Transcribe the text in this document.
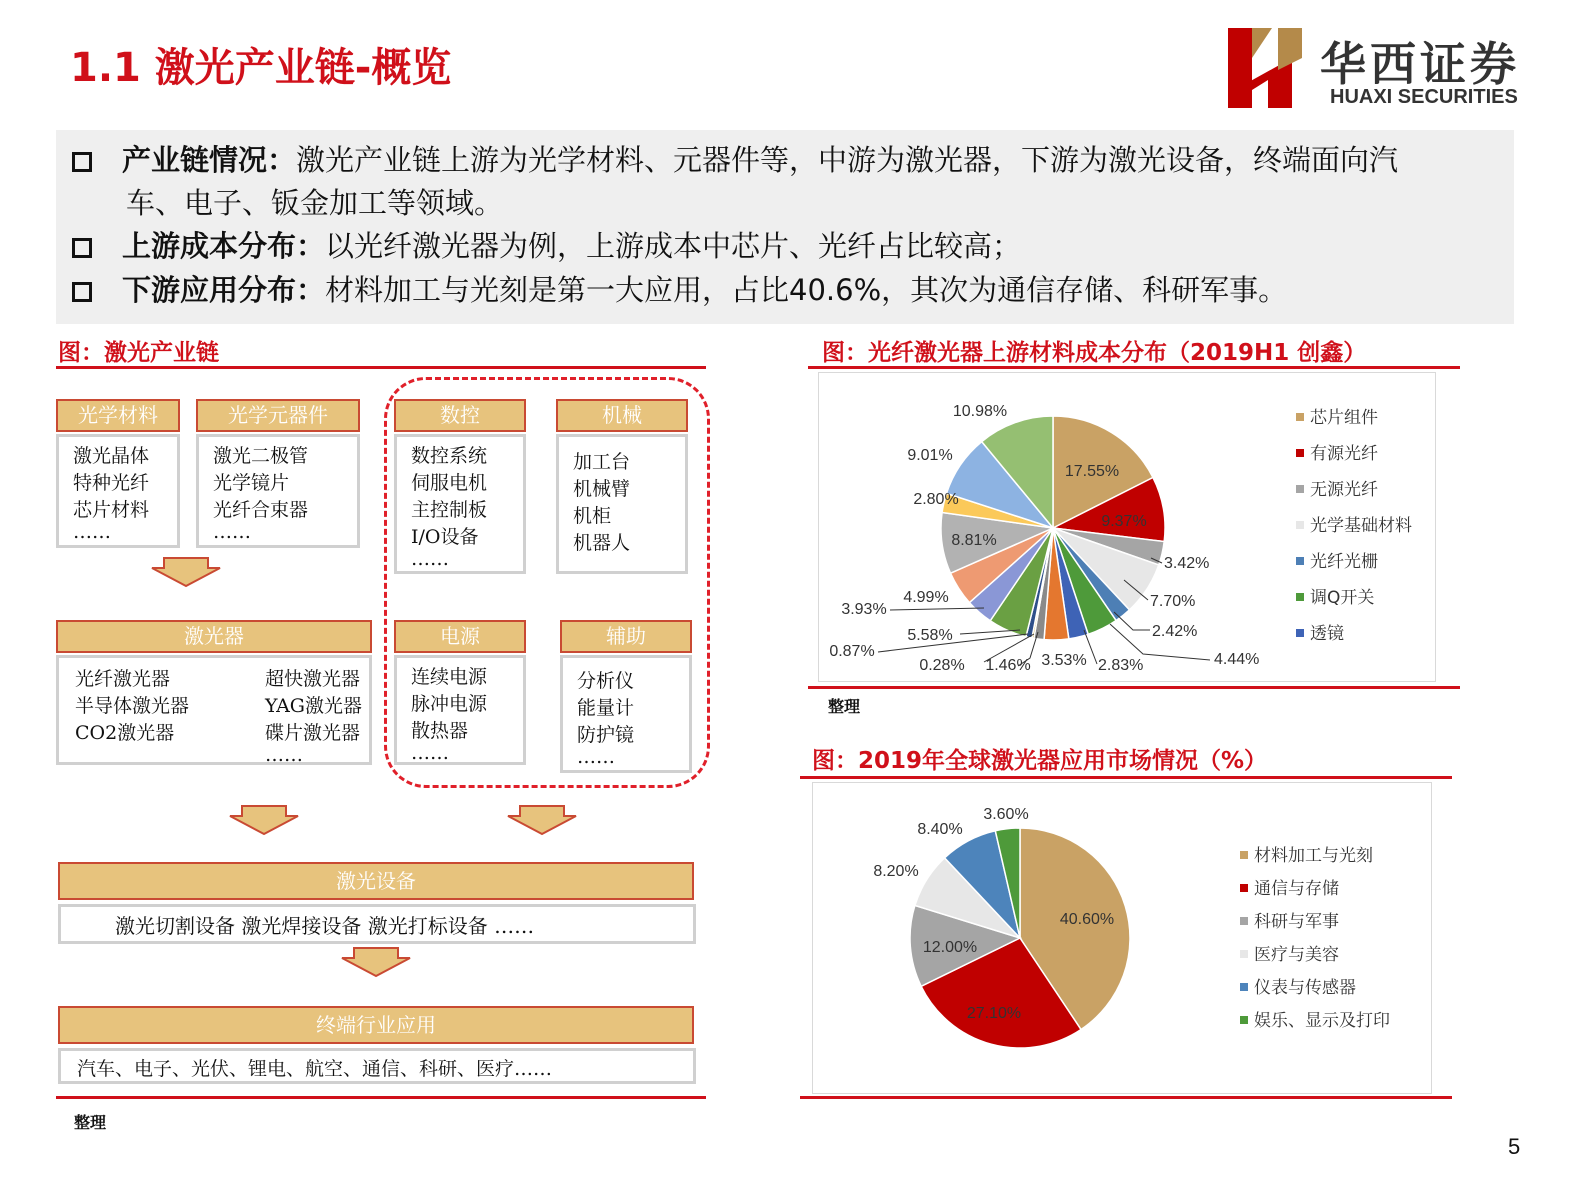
1.1 激光产业链-概览	华西证券
HUAXI SECURITIES
产业链情况：激光产业链上游为光学材料、元器件等，中游为激光器，下游为激光设备，终端面向汽
车、电子、钣金加工等领域。
上游成本分布：以光纤激光器为例，上游成本中芯片、光纤占比较高；
下游应用分布：材料加工与光刻是第一大应用，占比40.6%，其次为通信存储、科研军事。
图：激光产业链
光学材料
激光晶体
特种光纤
芯片材料
……
光学元器件
激光二极管
光学镜片
光纤合束器
……
数控
数控系统
伺服电机
主控制板
I/O设备
……
机械
加工台
机械臂
机柜
机器人
激光器
光纤激光器
半导体激光器
CO2激光器
超快激光器
YAG激光器
碟片激光器
……
电源
连续电源
脉冲电源
散热器
……
辅助
分析仪
能量计
防护镜
……
激光设备
激光切割设备 激光焊接设备 激光打标设备 ……
终端行业应用
汽车、电子、光伏、锂电、航空、通信、科研、医疗……
整理
图：光纤激光器上游材料成本分布（2019H1 创鑫）
17.55%
9.37%
3.42%
7.70%
2.42%
4.44%
2.83%
3.53%
1.46%
0.28%
0.87%
5.58%
3.93%
4.99%
8.81%
2.80%
9.01%
10.98%	芯片组件
有源光纤
无源光纤
光学基础材料
光纤光栅
调Q开关
透镜
整理
图：2019年全球激光器应用市场情况（%）
40.60%
27.10%
12.00%
8.20%
8.40%
3.60%
材料加工与光刻
通信与存储
科研与军事
医疗与美容
仪表与传感器
娱乐、显示及打印
5
